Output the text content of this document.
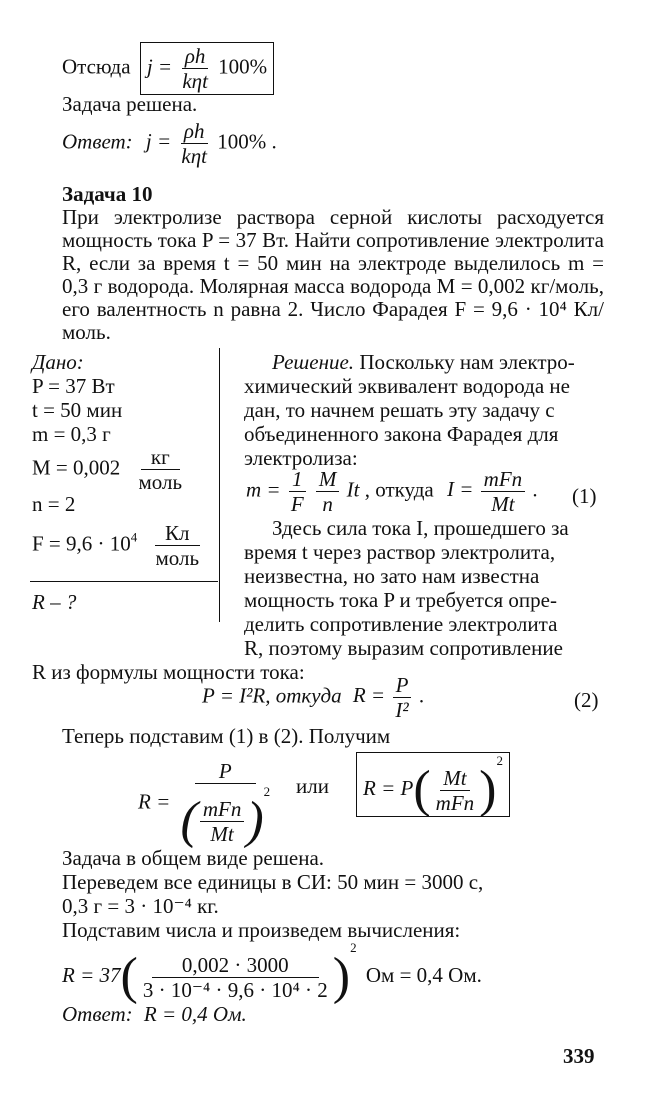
Отсюда $j = \frac{\rho h}{\text{kηt}} 100\%$
Задача решена.
Ответ: $j = \frac{\rho h}{\text{kηt}} 100\%$ .
Задача 10
При электролизе раствора серной кислоты расходуется мощность тока P = 37 Вт. Найти сопротивление электролита R, если за время t = 50 мин на электроде выделилось m = 0,3 г водорода. Молярная масса водорода M = 0,002 кг/моль, его валентность n равна 2. Число Фарадея F = 9,6 · 10⁴ Кл/моль.
Дано:
P = 37 Вт
t = 50 мин
m = 0,3 г
$M = 0,002 \frac{кг}{\text{моль}}$
n = 2
$F = 9,6 \cdot 10^4 \frac{Кл}{\text{моль}}$
R – ?
Решение. Поскольку нам электро-
химический эквивалент водорода не
дан, то начнем решать эту задачу с
объединенного закона Фарадея для
электролиза:
$m = \frac{1}{F}$
$\frac{M}{n}$ It , откуда $I = \frac{\text{mFn}}{Mt}$ . (1)
Здесь сила тока I, прошедшего за
время t через раствор электролита,
неизвестна, но зато нам известна
мощность тока P и требуется опре-
делить сопротивление электролита
R, поэтому выразим сопротивление
R из формулы мощности тока:
P = I²R, откуда $R = \frac{P}{\text{I²}}$ .	(2)
Теперь подставим (1) в (2). Получим
$R = \frac{P}{( \frac{\text{mFn}}{Mt} )^2}$ или	$R = P( \frac{Mt}{\text{mFn}} )^2$
Задача в общем виде решена.
Переведем все единицы в СИ: 50 мин = 3000 с,
0,3 г = 3 · 10⁻⁴ кг.
Подставим числа и произведем вычисления:
$R = 37( \frac{0,002 \cdot 3000}{\text{3 · 10⁻⁴ · 9,6 · 10⁴ · 2}} )^2$ Ом = 0,4 Ом.
Ответ: R = 0,4 Ом.
339
